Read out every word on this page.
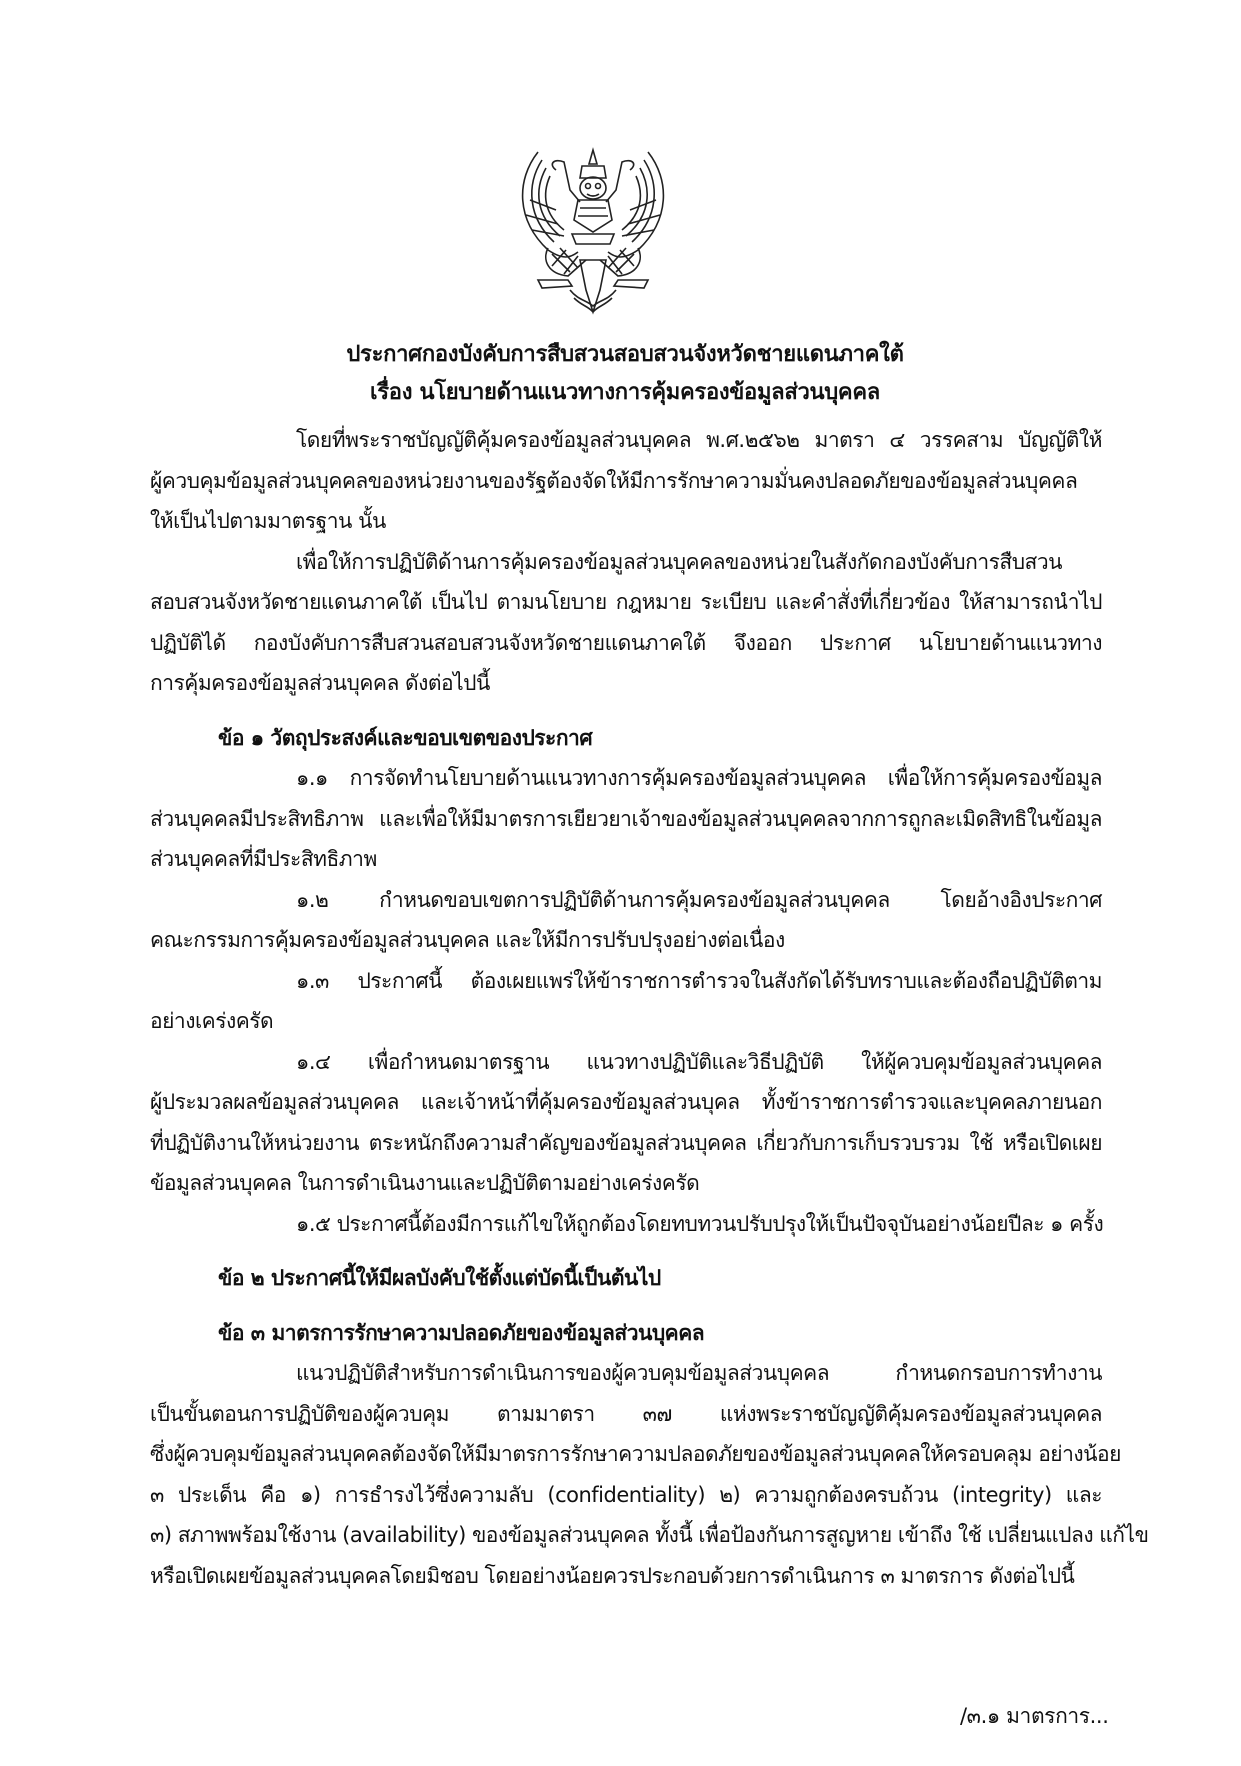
ประกาศกองบังคับการสืบสวนสอบสวนจังหวัดชายแดนภาคใต้
เรื่อง นโยบายด้านแนวทางการคุ้มครองข้อมูลส่วนบุคคล
โดยที่พระราชบัญญัติคุ้มครองข้อมูลส่วนบุคคล พ.ศ.๒๕๖๒ มาตรา ๔ วรรคสาม บัญญัติให้
ผู้ควบคุมข้อมูลส่วนบุคคลของหน่วยงานของรัฐต้องจัดให้มีการรักษาความมั่นคงปลอดภัยของข้อมูลส่วนบุคคล
ให้เป็นไปตามมาตรฐาน นั้น
เพื่อให้การปฏิบัติด้านการคุ้มครองข้อมูลส่วนบุคคลของหน่วยในสังกัดกองบังคับการสืบสวน
สอบสวนจังหวัดชายแดนภาคใต้ เป็นไป ตามนโยบาย กฎหมาย ระเบียบ และคำสั่งที่เกี่ยวข้อง ให้สามารถนำไป
ปฏิบัติได้ กองบังคับการสืบสวนสอบสวนจังหวัดชายแดนภาคใต้ จึงออก ประกาศ นโยบายด้านแนวทาง
การคุ้มครองข้อมูลส่วนบุคคล ดังต่อไปนี้
ข้อ ๑ วัตถุประสงค์และขอบเขตของประกาศ
๑.๑ การจัดทำนโยบายด้านแนวทางการคุ้มครองข้อมูลส่วนบุคคล เพื่อให้การคุ้มครองข้อมูล
ส่วนบุคคลมีประสิทธิภาพ และเพื่อให้มีมาตรการเยียวยาเจ้าของข้อมูลส่วนบุคคลจากการถูกละเมิดสิทธิในข้อมูล
ส่วนบุคคลที่มีประสิทธิภาพ
๑.๒ กำหนดขอบเขตการปฏิบัติด้านการคุ้มครองข้อมูลส่วนบุคคล โดยอ้างอิงประกาศ
คณะกรรมการคุ้มครองข้อมูลส่วนบุคคล และให้มีการปรับปรุงอย่างต่อเนื่อง
๑.๓ ประกาศนี้ ต้องเผยแพร่ให้ข้าราชการตำรวจในสังกัดได้รับทราบและต้องถือปฏิบัติตาม
อย่างเคร่งครัด
๑.๔ เพื่อกำหนดมาตรฐาน แนวทางปฏิบัติและวิธีปฏิบัติ ให้ผู้ควบคุมข้อมูลส่วนบุคคล
ผู้ประมวลผลข้อมูลส่วนบุคคล และเจ้าหน้าที่คุ้มครองข้อมูลส่วนบุคล ทั้งข้าราชการตำรวจและบุคคลภายนอก
ที่ปฏิบัติงานให้หน่วยงาน ตระหนักถึงความสำคัญของข้อมูลส่วนบุคคล เกี่ยวกับการเก็บรวบรวม ใช้ หรือเปิดเผย
ข้อมูลส่วนบุคคล ในการดำเนินงานและปฏิบัติตามอย่างเคร่งครัด
๑.๕ ประกาศนี้ต้องมีการแก้ไขให้ถูกต้องโดยทบทวนปรับปรุงให้เป็นปัจจุบันอย่างน้อยปีละ ๑ ครั้ง
ข้อ ๒ ประกาศนี้ให้มีผลบังคับใช้ตั้งแต่บัดนี้เป็นต้นไป
ข้อ ๓ มาตรการรักษาความปลอดภัยของข้อมูลส่วนบุคคล
แนวปฏิบัติสำหรับการดำเนินการของผู้ควบคุมข้อมูลส่วนบุคคล กำหนดกรอบการทำงาน
เป็นขั้นตอนการปฏิบัติของผู้ควบคุม ตามมาตรา ๓๗ แห่งพระราชบัญญัติคุ้มครองข้อมูลส่วนบุคคล
ซึ่งผู้ควบคุมข้อมูลส่วนบุคคลต้องจัดให้มีมาตรการรักษาความปลอดภัยของข้อมูลส่วนบุคคลให้ครอบคลุม อย่างน้อย
๓ ประเด็น คือ ๑) การธำรงไว้ซึ่งความลับ (confidentiality) ๒) ความถูกต้องครบถ้วน (integrity) และ
๓) สภาพพร้อมใช้งาน (availability) ของข้อมูลส่วนบุคคล ทั้งนี้ เพื่อป้องกันการสูญหาย เข้าถึง ใช้ เปลี่ยนแปลง แก้ไข
หรือเปิดเผยข้อมูลส่วนบุคคลโดยมิชอบ โดยอย่างน้อยควรประกอบด้วยการดำเนินการ ๓ มาตรการ ดังต่อไปนี้
/๓.๑ มาตรการ...
